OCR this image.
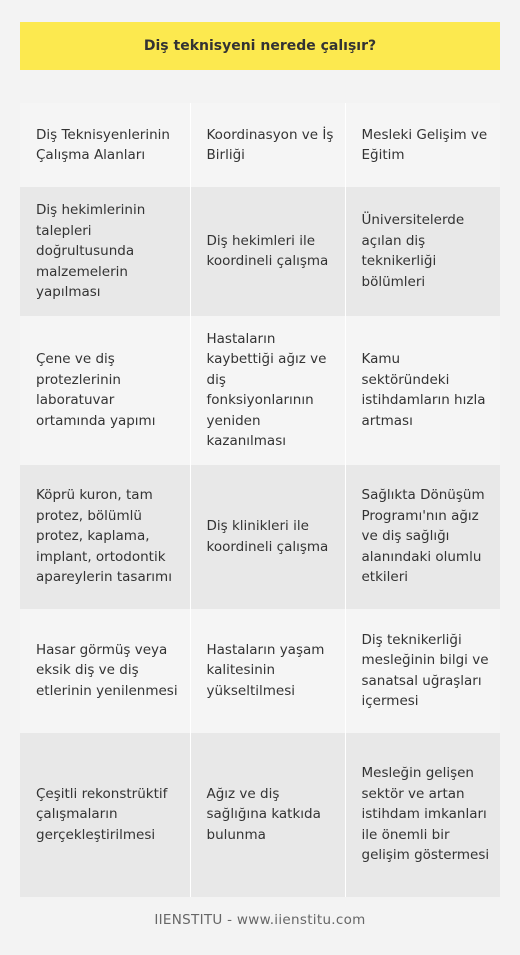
Diş teknisyeni nerede çalışır?
Diş Teknisyenlerinin Çalışma Alanları	Koordinasyon ve İş Birliği	Mesleki Gelişim ve Eğitim
Diş hekimlerinin talepleri doğrultusunda malzemelerin yapılması	Diş hekimleri ile koordineli çalışma	Üniversitelerde açılan diş teknikerliği bölümleri
Çene ve diş protezlerinin laboratuvar ortamında yapımı	Hastaların kaybettiği ağız ve diş fonksiyonlarının yeniden kazanılması	Kamu sektöründeki istihdamların hızla artması
Köprü kuron, tam protez, bölümlü protez, kaplama, implant, ortodontik apareylerin tasarımı	Diş klinikleri ile koordineli çalışma	Sağlıkta Dönüşüm Programı'nın ağız ve diş sağlığı alanındaki olumlu etkileri
Hasar görmüş veya eksik diş ve diş etlerinin yenilenmesi	Hastaların yaşam kalitesinin yükseltilmesi	Diş teknikerliği mesleğinin bilgi ve sanatsal uğraşları içermesi
Çeşitli rekonstrüktif çalışmaların gerçekleştirilmesi	Ağız ve diş sağlığına katkıda bulunma	Mesleğin gelişen sektör ve artan istihdam imkanları ile önemli bir gelişim göstermesi
IIENSTITU - www.iienstitu.com
